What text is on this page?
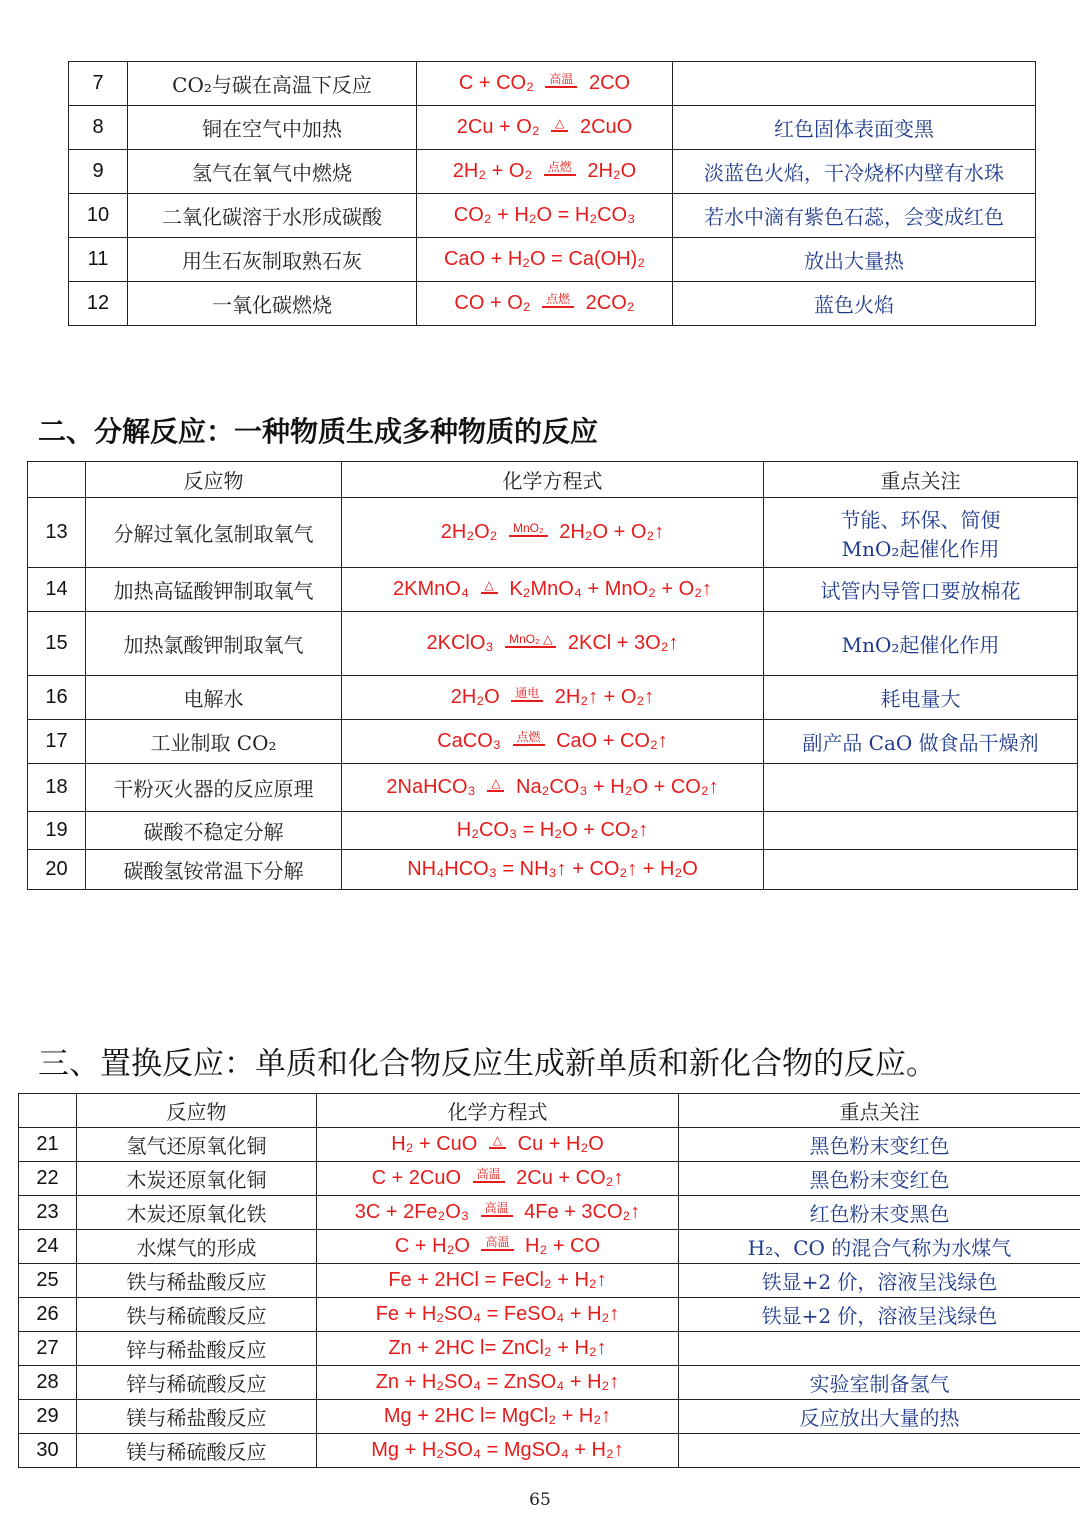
7	CO₂与碳在高温下反应	C + CO₂ 高温 2CO	
8	铜在空气中加热	2Cu + O₂ △ 2CuO	红色固体表面变黑
9	氢气在氧气中燃烧	2H₂ + O₂ 点燃 2H₂O	淡蓝色火焰，干冷烧杯内壁有水珠
10	二氧化碳溶于水形成碳酸	CO₂ + H₂O = H₂CO₃	若水中滴有紫色石蕊，会变成红色
11	用生石灰制取熟石灰	CaO + H₂O = Ca(OH)₂	放出大量热
12	一氧化碳燃烧	CO + O₂ 点燃 2CO₂	蓝色火焰
二、分解反应：一种物质生成多种物质的反应
	反应物	化学方程式	重点关注
13	分解过氧化氢制取氧气	2H₂O₂ MnO₂ 2H₂O + O₂↑	节能、环保、简便
MnO₂起催化作用

14	加热高锰酸钾制取氧气	2KMnO₄ △ K₂MnO₄ + MnO₂ + O₂↑	试管内导管口要放棉花
15	加热氯酸钾制取氧气	2KClO₃ MnO₂ △ 2KCl + 3O₂↑	MnO₂起催化作用
16	电解水	2H₂O 通电 2H₂↑ + O₂↑	耗电量大
17	工业制取 CO₂	CaCO₃ 点燃 CaO + CO₂↑	副产品 CaO 做食品干燥剂
18	干粉灭火器的反应原理	2NaHCO₃ △ Na₂CO₃ + H₂O + CO₂↑	
19	碳酸不稳定分解	H₂CO₃ = H₂O + CO₂↑	
20	碳酸氢铵常温下分解	NH₄HCO₃ = NH₃↑ + CO₂↑ + H₂O	
三、置换反应：单质和化合物反应生成新单质和新化合物的反应。
	反应物	化学方程式	重点关注
21	氢气还原氧化铜	H₂ + CuO △ Cu + H₂O	黑色粉末变红色
22	木炭还原氧化铜	C + 2CuO 高温 2Cu + CO₂↑	黑色粉末变红色
23	木炭还原氧化铁	3C + 2Fe₂O₃ 高温 4Fe + 3CO₂↑	红色粉末变黑色
24	水煤气的形成	C + H₂O 高温 H₂ + CO	H₂、CO 的混合气称为水煤气
25	铁与稀盐酸反应	Fe + 2HCl = FeCl₂ + H₂↑	铁显+2 价，溶液呈浅绿色
26	铁与稀硫酸反应	Fe + H₂SO₄ = FeSO₄ + H₂↑	铁显+2 价，溶液呈浅绿色
27	锌与稀盐酸反应	Zn + 2HC l= ZnCl₂ + H₂↑	
28	锌与稀硫酸反应	Zn + H₂SO₄ = ZnSO₄ + H₂↑	实验室制备氢气
29	镁与稀盐酸反应	Mg + 2HC l= MgCl₂ + H₂↑	反应放出大量的热
30	镁与稀硫酸反应	Mg + H₂SO₄ = MgSO₄ + H₂↑	
65
